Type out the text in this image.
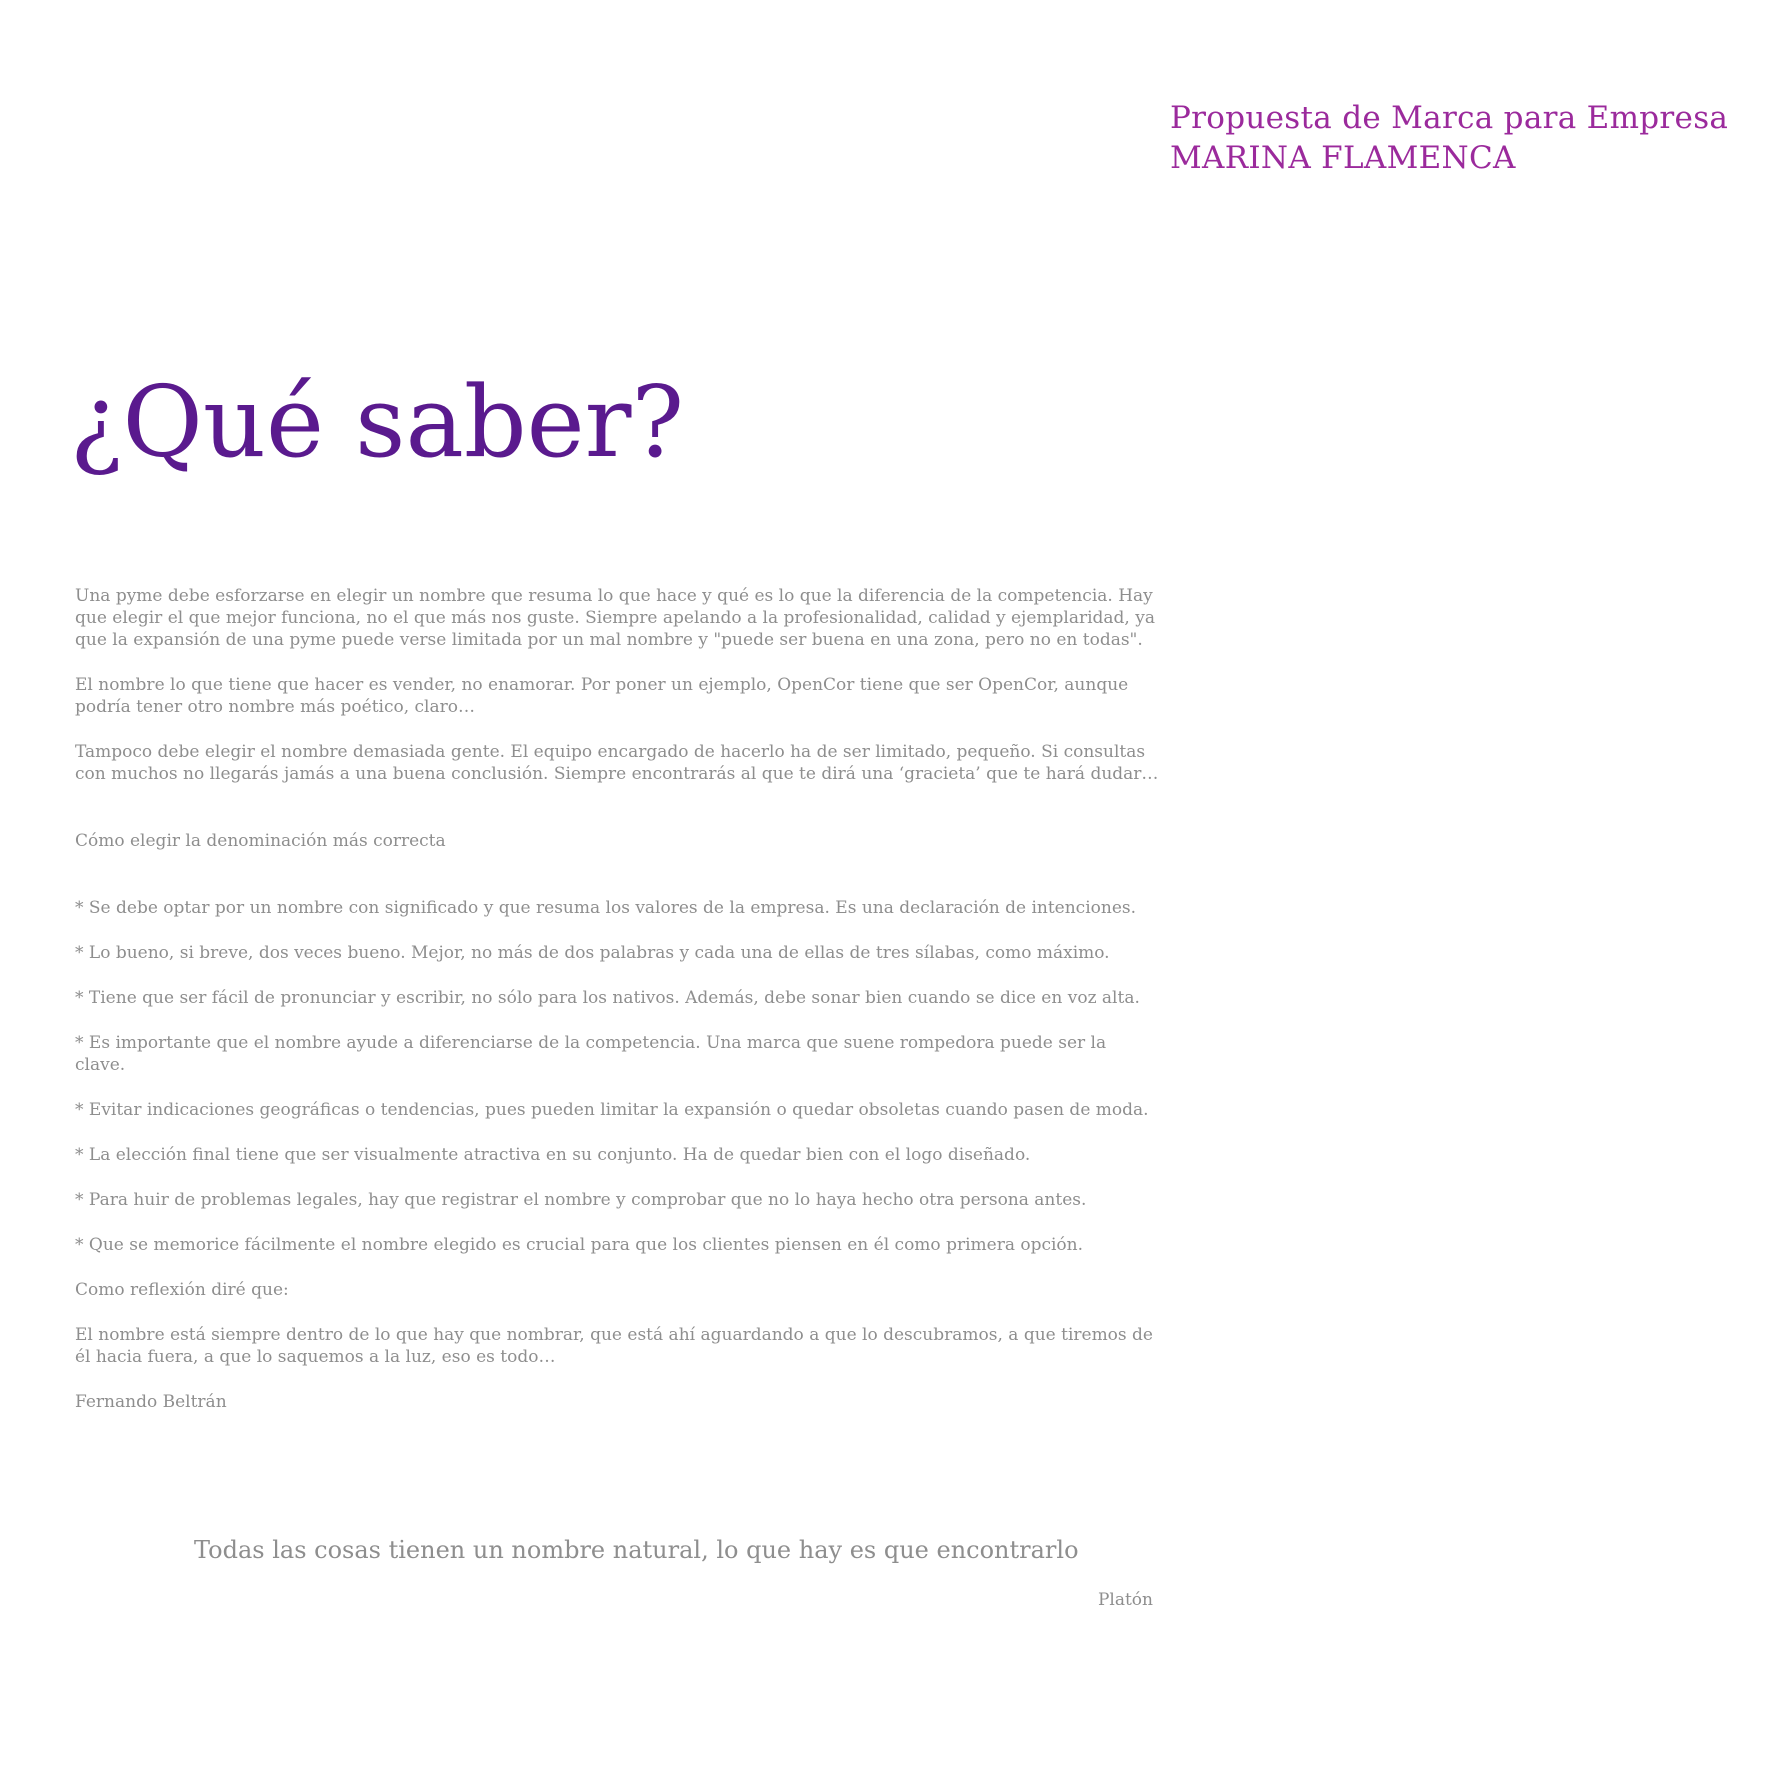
Propuesta de Marca para Empresa
MARINA FLAMENCA
¿Qué saber?

Una pyme debe esforzarse en elegir un nombre que resuma lo que hace y qué es lo que la diferencia de la competencia. Hay que elegir el que mejor funciona, no el que más nos guste. Siempre apelando a la profesionalidad, calidad y ejemplaridad, ya que la expansión de una pyme puede verse limitada por un mal nombre y "puede ser buena en una zona, pero no en todas".

El nombre lo que tiene que hacer es vender, no enamorar. Por poner un ejemplo, OpenCor tiene que ser OpenCor, aunque podría tener otro nombre más poético, claro…

Tampoco debe elegir el nombre demasiada gente. El equipo encargado de hacerlo ha de ser limitado, pequeño. Si consultas con muchos no llegarás jamás a una buena conclusión. Siempre encontrarás al que te dirá una ‘gracieta’ que te hará dudar…

Cómo elegir la denominación más correcta

* Se debe optar por un nombre con significado y que resuma los valores de la empresa. Es una declaración de intenciones.

* Lo bueno, si breve, dos veces bueno. Mejor, no más de dos palabras y cada una de ellas de tres sílabas, como máximo.

* Tiene que ser fácil de pronunciar y escribir, no sólo para los nativos. Además, debe sonar bien cuando se dice en voz alta.

* Es importante que el nombre ayude a diferenciarse de la competencia. Una marca que suene rompedora puede ser la clave.

* Evitar indicaciones geográficas o tendencias, pues pueden limitar la expansión o quedar obsoletas cuando pasen de moda.

* La elección final tiene que ser visualmente atractiva en su conjunto. Ha de quedar bien con el logo diseñado.

* Para huir de problemas legales, hay que registrar el nombre y comprobar que no lo haya hecho otra persona antes.

* Que se memorice fácilmente el nombre elegido es crucial para que los clientes piensen en él como primera opción.

Como reflexión diré que:

El nombre está siempre dentro de lo que hay que nombrar, que está ahí aguardando a que lo descubramos, a que tiremos de él hacia fuera, a que lo saquemos a la luz, eso es todo…

Fernando Beltrán

Todas las cosas tienen un nombre natural, lo que hay es que encontrarlo
Platón
